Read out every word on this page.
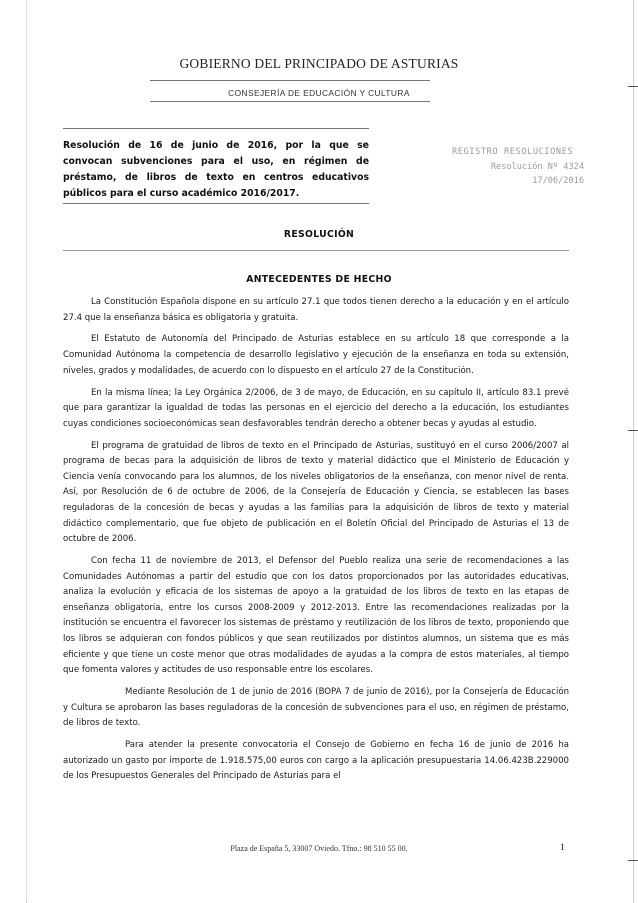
GOBIERNO DEL PRINCIPADO DE ASTURIAS
CONSEJERÍA DE EDUCACIÓN Y CULTURA
Resolución de 16 de junio de 2016, por la que se convocan subvenciones para el uso, en régimen de préstamo, de libros de texto en centros educativos públicos para el curso académico 2016/2017.
REGISTRO RESOLUCIONES
Resolución Nº 4324
17/06/2016
RESOLUCIÓN
ANTECEDENTES DE HECHO

La Constitución Española dispone en su artículo 27.1 que todos tienen derecho a la educación y en el artículo 27.4 que la enseñanza básica es obligatoria y gratuita.

El Estatuto de Autonomía del Principado de Asturias establece en su artículo 18 que corresponde a la Comunidad Autónoma la competencia de desarrollo legislativo y ejecución de la enseñanza en toda su extensión, niveles, grados y modalidades, de acuerdo con lo dispuesto en el artículo 27 de la Constitución.

En la misma línea; la Ley Orgánica 2/2006, de 3 de mayo, de Educación, en su capítulo II, artículo 83.1 prevé que para garantizar la igualdad de todas las personas en el ejercicio del derecho a la educación, los estudiantes cuyas condiciones socioeconómicas sean desfavorables tendrán derecho a obtener becas y ayudas al estudio.

El programa de gratuidad de libros de texto en el Principado de Asturias, sustituyó en el curso 2006/2007 al programa de becas para la adquisición de libros de texto y material didáctico que el Ministerio de Educación y Ciencia venía convocando para los alumnos, de los niveles obligatorios de la enseñanza, con menor nivel de renta. Así, por Resolución de 6 de octubre de 2006, de la Consejería de Educación y Ciencia, se establecen las bases reguladoras de la concesión de becas y ayudas a las familias para la adquisición de libros de texto y material didáctico complementario, que fue objeto de publicación en el Boletín Oficial del Principado de Asturias el 13 de octubre de 2006.

Con fecha 11 de noviembre de 2013, el Defensor del Pueblo realiza una serie de recomendaciones a las Comunidades Autónomas a partir del estudio que con los datos proporcionados por las autoridades educativas, analiza la evolución y eficacia de los sistemas de apoyo a la gratuidad de los libros de texto en las etapas de enseñanza obligatoria, entre los cursos 2008-2009 y 2012-2013. Entre las recomendaciones realizadas por la institución se encuentra el favorecer los sistemas de préstamo y reutilización de los libros de texto, proponiendo que los libros se adquieran con fondos públicos y que sean reutilizados por distintos alumnos, un sistema que es más eficiente y que tiene un coste menor que otras modalidades de ayudas a la compra de estos materiales, al tiempo que fomenta valores y actitudes de uso responsable entre los escolares.

Mediante Resolución de 1 de junio de 2016 (BOPA 7 de junio de 2016), por la Consejería de Educación y Cultura se aprobaron las bases reguladoras de la concesión de subvenciones para el uso, en régimen de préstamo, de libros de texto.

Para atender la presente convocatoria el Consejo de Gobierno en fecha 16 de junio de 2016 ha autorizado un gasto por importe de 1.918.575,00 euros con cargo a la aplicación presupuestaria 14.06.423B.229000 de los Presupuestos Generales del Principado de Asturias para el

Plaza de España 5, 33007 Oviedo. Tfno.: 98 510 55 00.	1
